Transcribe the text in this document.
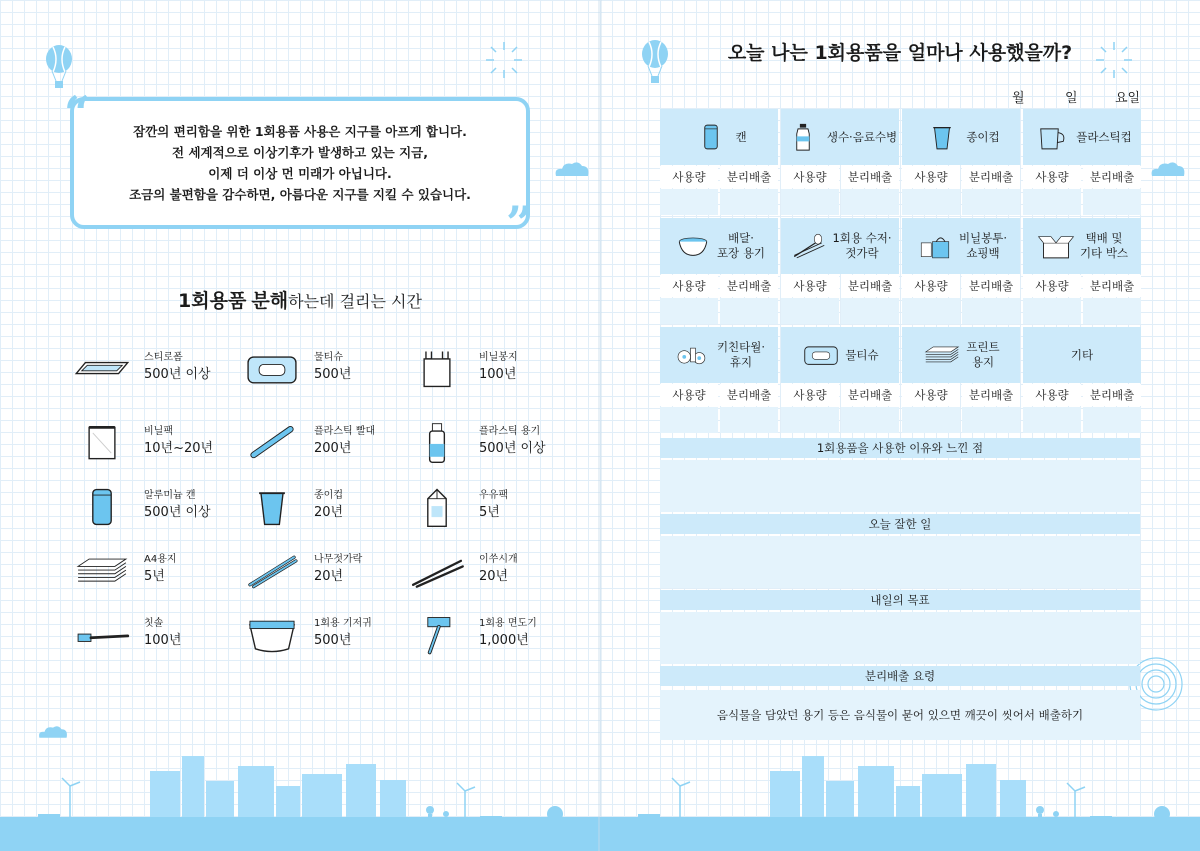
잠깐의 편리함을 위한 1회용품 사용은 지구를 아프게 합니다.
전 세계적으로 이상기후가 발생하고 있는 지금,
이제 더 이상 먼 미래가 아닙니다.
조금의 불편함을 감수하면, 아름다운 지구를 지킬 수 있습니다.
“
”
1회용품 분해하는데 걸리는 시간
스티로폼
500년 이상
물티슈
500년
비닐봉지
100년
비닐팩
10년~20년
플라스틱 빨대
200년
플라스틱 용기
500년 이상
알루미늄 캔
500년 이상
종이컵
20년
우유팩
5년
A4용지
5년
나무젓가락
20년
이쑤시개
20년
칫솔
100년
1회용 기저귀
500년
1회용 면도기
1,000년
오늘 나는 1회용품을 얼마나 사용했을까?
월	일	요일
캔
사용량	분리배출
생수·음료수병
사용량	분리배출
종이컵
사용량	분리배출
플라스틱컵
사용량	분리배출
배달·
포장 용기
사용량	분리배출
1회용 수저·
젓가락
사용량	분리배출
비닐봉투·
쇼핑백
사용량	분리배출
택배 및
기타 박스
사용량	분리배출
키친타월·
휴지
사용량	분리배출
물티슈
사용량	분리배출
프린트
용지
사용량	분리배출
기타
사용량	분리배출
1회용품을 사용한 이유와 느낀 점
오늘 잘한 일
내일의 목표
분리배출 요령
음식물을 담았던 용기 등은 음식물이 묻어 있으면 깨끗이 씻어서 배출하기
